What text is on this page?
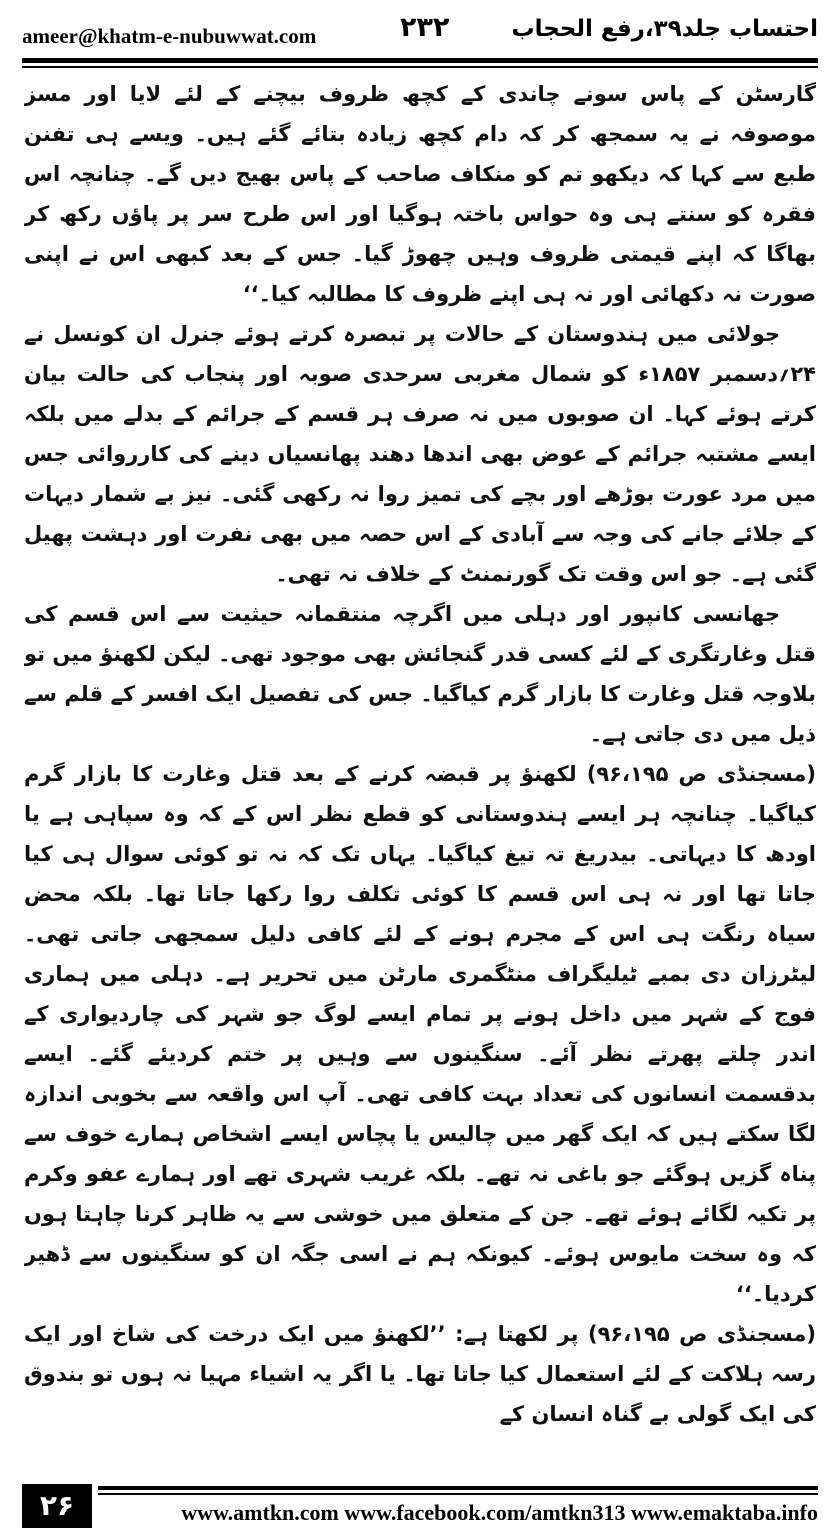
ameer@khatm-e-nubuwwat.com	۲۳۲	احتساب جلد۳۹،رفع الحجاب

گارسٹن کے پاس سونے چاندی کے کچھ ظروف بیچنے کے لئے لایا اور مسز موصوفہ نے یہ سمجھ کر کہ دام کچھ زیادہ بتائے گئے ہیں۔ ویسے ہی تفنن طبع سے کہا کہ دیکھو تم کو منکاف صاحب کے پاس بھیج دیں گے۔ چنانچہ اس فقرہ کو سنتے ہی وہ حواس باختہ ہوگیا اور اس طرح سر پر پاؤں رکھ کر بھاگا کہ اپنے قیمتی ظروف وہیں چھوڑ گیا۔ جس کے بعد کبھی اس نے اپنی صورت نہ دکھائی اور نہ ہی اپنے ظروف کا مطالبہ کیا۔‘‘

جولائی میں ہندوستان کے حالات پر تبصرہ کرتے ہوئے جنرل ان کونسل نے ۲۴؍دسمبر ۱۸۵۷ء کو شمال مغربی سرحدی صوبہ اور پنجاب کی حالت بیان کرتے ہوئے کہا۔ ان صوبوں میں نہ صرف ہر قسم کے جرائم کے بدلے میں بلکہ ایسے مشتبہ جرائم کے عوض بھی اندھا دھند پھانسیاں دینے کی کارروائی جس میں مرد عورت بوڑھے اور بچے کی تمیز روا نہ رکھی گئی۔ نیز بے شمار دیہات کے جلائے جانے کی وجہ سے آبادی کے اس حصہ میں بھی نفرت اور دہشت پھیل گئی ہے۔ جو اس وقت تک گورنمنٹ کے خلاف نہ تھی۔

جھانسی کانپور اور دہلی میں اگرچہ منتقمانہ حیثیت سے اس قسم کی قتل وغارتگری کے لئے کسی قدر گنجائش بھی موجود تھی۔ لیکن لکھنؤ میں تو بلاوجہ قتل وغارت کا بازار گرم کیاگیا۔ جس کی تفصیل ایک افسر کے قلم سے ذیل میں دی جاتی ہے۔

(مسجنڈی ص ۹۶،۱۹۵) لکھنؤ پر قبضہ کرنے کے بعد قتل وغارت کا بازار گرم کیاگیا۔ چنانچہ ہر ایسے ہندوستانی کو قطع نظر اس کے کہ وہ سپاہی ہے یا اودھ کا دیہاتی۔ بیدریغ تہ تیغ کیاگیا۔ یہاں تک کہ نہ تو کوئی سوال ہی کیا جاتا تھا اور نہ ہی اس قسم کا کوئی تکلف روا رکھا جاتا تھا۔ بلکہ محض سیاہ رنگت ہی اس کے مجرم ہونے کے لئے کافی دلیل سمجھی جاتی تھی۔ لیٹرزان دی بمبے ٹیلیگراف منٹگمری مارٹن میں تحریر ہے۔ دہلی میں ہماری فوج کے شہر میں داخل ہونے پر تمام ایسے لوگ جو شہر کی چاردیواری کے اندر چلتے پھرتے نظر آئے۔ سنگینوں سے وہیں پر ختم کردیئے گئے۔ ایسے بدقسمت انسانوں کی تعداد بہت کافی تھی۔ آپ اس واقعہ سے بخوبی اندازہ لگا سکتے ہیں کہ ایک گھر میں چالیس یا پچاس ایسے اشخاص ہمارے خوف سے پناہ گزیں ہوگئے جو باغی نہ تھے۔ بلکہ غریب شہری تھے اور ہمارے عفو وکرم پر تکیہ لگائے ہوئے تھے۔ جن کے متعلق میں خوشی سے یہ ظاہر کرنا چاہتا ہوں کہ وہ سخت مایوس ہوئے۔ کیونکہ ہم نے اسی جگہ ان کو سنگینوں سے ڈھیر کردیا۔‘‘

(مسجنڈی ص ۹۶،۱۹۵) پر لکھتا ہے: ’’لکھنؤ میں ایک درخت کی شاخ اور ایک رسہ ہلاکت کے لئے استعمال کیا جاتا تھا۔ یا اگر یہ اشیاء مہیا نہ ہوں تو بندوق کی ایک گولی بے گناہ انسان کے

۲۶	www.amtkn.com www.facebook.com/amtkn313 www.emaktaba.info
